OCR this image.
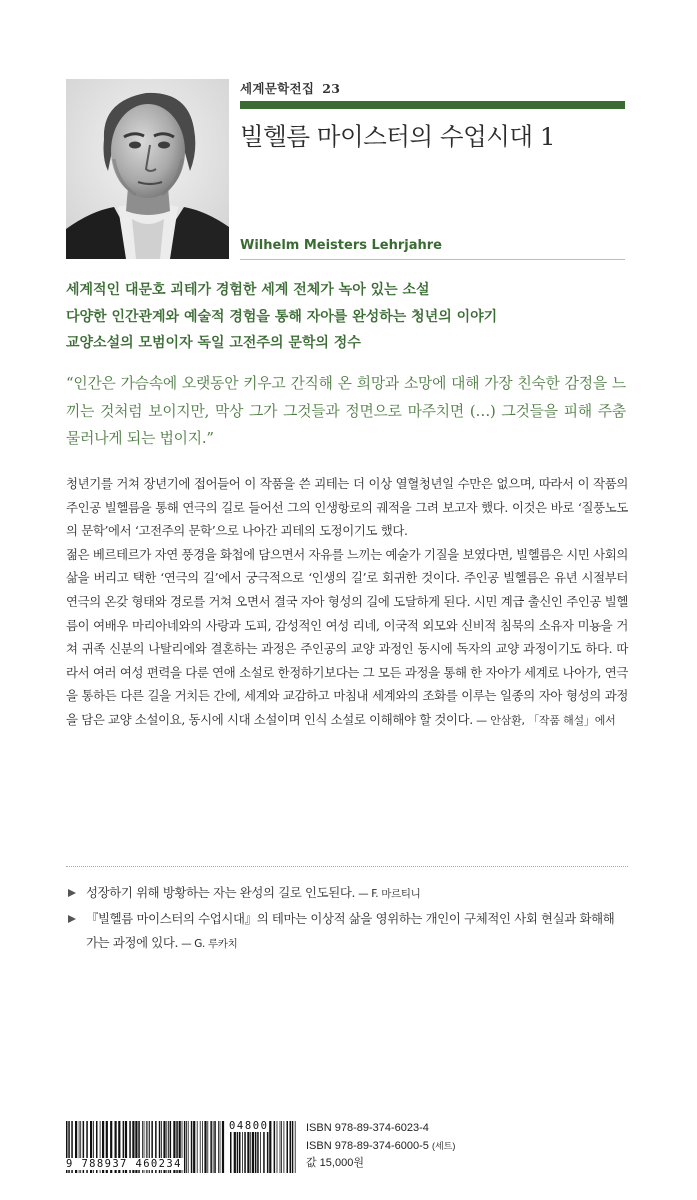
세계문학전집 23
빌헬름 마이스터의 수업시대 1
Wilhelm Meisters Lehrjahre
세계적인 대문호 괴테가 경험한 세계 전체가 녹아 있는 소설
다양한 인간관계와 예술적 경험을 통해 자아를 완성하는 청년의 이야기
교양소설의 모범이자 독일 고전주의 문학의 정수
“인간은 가슴속에 오랫동안 키우고 간직해 온 희망과 소망에 대해 가장 친숙한 감정을 느끼는 것처럼 보이지만, 막상 그가 그것들과 정면으로 마주치면 (…) 그것들을 피해 주춤 물러나게 되는 법이지.”

청년기를 거쳐 장년기에 접어들어 이 작품을 쓴 괴테는 더 이상 열혈청년일 수만은 없으며, 따라서 이 작품의 주인공 빌헬름을 통해 연극의 길로 들어선 그의 인생항로의 궤적을 그려 보고자 했다. 이것은 바로 ‘질풍노도의 문학’에서 ‘고전주의 문학’으로 나아간 괴테의 도정이기도 했다.

젊은 베르테르가 자연 풍경을 화첩에 담으면서 자유를 느끼는 예술가 기질을 보였다면, 빌헬름은 시민 사회의 삶을 버리고 택한 ‘연극의 길’에서 궁극적으로 ‘인생의 길’로 회귀한 것이다. 주인공 빌헬름은 유년 시절부터 연극의 온갖 형태와 경로를 거쳐 오면서 결국 자아 형성의 길에 도달하게 된다. 시민 계급 출신인 주인공 빌헬름이 여배우 마리아네와의 사랑과 도피, 감성적인 여성 리네, 이국적 외모와 신비적 침묵의 소유자 미뇽을 거쳐 귀족 신분의 나탈리에와 결혼하는 과정은 주인공의 교양 과정인 동시에 독자의 교양 과정이기도 하다. 따라서 여러 여성 편력을 다룬 연애 소설로 한정하기보다는 그 모든 과정을 통해 한 자아가 세계로 나아가, 연극을 통하든 다른 길을 거치든 간에, 세계와 교감하고 마침내 세계와의 조화를 이루는 일종의 자아 형성의 과정을 담은 교양 소설이요, 동시에 시대 소설이며 인식 소설로 이해해야 할 것이다. — 안삼환, 「작품 해설」에서

성장하기 위해 방황하는 자는 완성의 길로 인도된다. — F. 마르티니
『빌헬름 마이스터의 수업시대』의 테마는 이상적 삶을 영위하는 개인이 구체적인 사회 현실과 화해해 가는 과정에 있다. — G. 루카치
9 788937 460234
04800	ISBN 978-89-374-6023-4
ISBN 978-89-374-6000-5 (세트)
값 15,000원
